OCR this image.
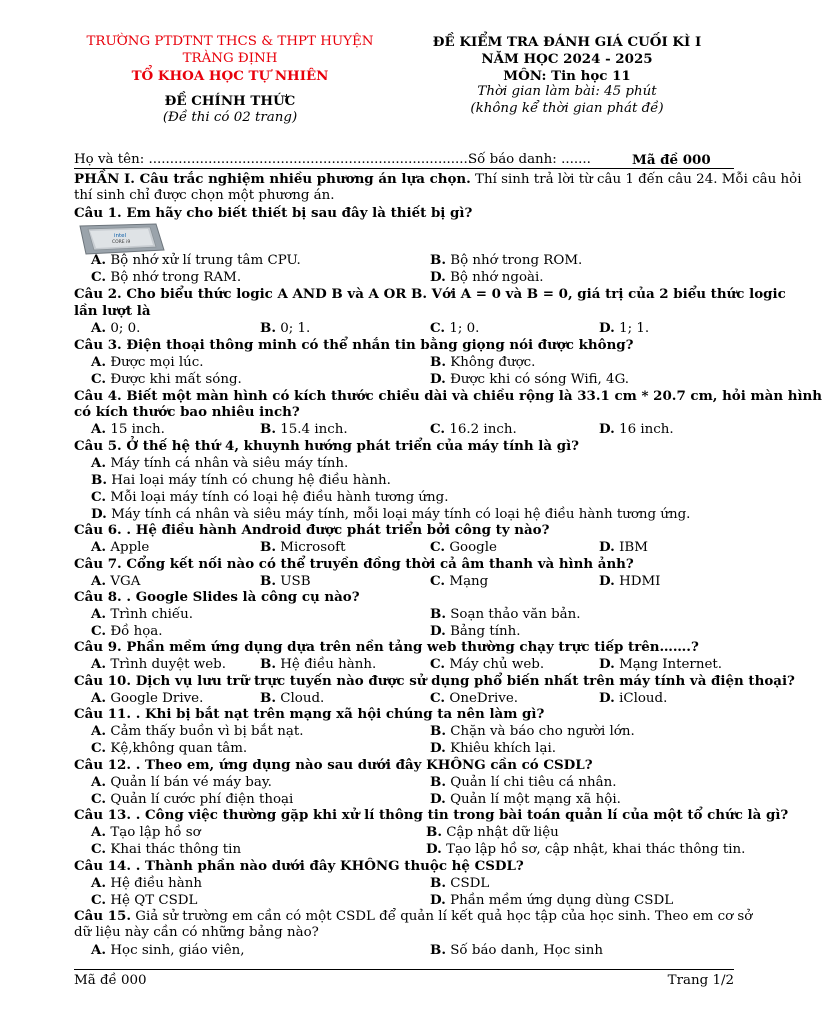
TRƯỜNG PTDTNT THCS & THPT HUYỆN
TRÀNG ĐỊNH
TỔ KHOA HỌC TỰ NHIÊN
ĐỀ CHÍNH THỨC
(Đề thi có 02 trang)
ĐỀ KIỂM TRA ĐÁNH GIÁ CUỐI KÌ I
NĂM HỌC 2024 - 2025
MÔN: Tin học 11
Thời gian làm bài: 45 phút
(không kể thời gian phát đề)
Họ và tên: ............................................................................
Số báo danh: .......	Mã đề 000
PHẦN I. Câu trắc nghiệm nhiều phương án lựa chọn. Thí sinh trả lời từ câu 1 đến câu 24. Mỗi câu hỏi
thí sinh chỉ được chọn một phương án.
Câu 1. Em hãy cho biết thiết bị sau đây là thiết bị gì?
intel
CORE i9
A. Bộ nhớ xử lí trung tâm CPU.	B. Bộ nhớ trong ROM.
C. Bộ nhớ trong RAM.	D. Bộ nhớ ngoài.
Câu 2. Cho biểu thức logic A AND B và A OR B. Với A = 0 và B = 0, giá trị của 2 biểu thức logic
lần lượt là
A. 0; 0.	B. 0; 1.	C. 1; 0.	D. 1; 1.
Câu 3. Điện thoại thông minh có thể nhắn tin bằng giọng nói được không?
A. Được mọi lúc.	B. Không được.
C. Được khi mất sóng.	D. Được khi có sóng Wifi, 4G.
Câu 4. Biết một màn hình có kích thước chiều dài và chiều rộng là 33.1 cm * 20.7 cm, hỏi màn hình
có kích thước bao nhiêu inch?
A. 15 inch.	B. 15.4 inch.	C. 16.2 inch.	D. 16 inch.
Câu 5. Ở thế hệ thứ 4, khuynh hướng phát triển của máy tính là gì?
A. Máy tính cá nhân và siêu máy tính.
B. Hai loại máy tính có chung hệ điều hành.
C. Mỗi loại máy tính có loại hệ điều hành tương ứng.
D. Máy tính cá nhân và siêu máy tính, mỗi loại máy tính có loại hệ điều hành tương ứng.
Câu 6. . Hệ điều hành Android được phát triển bởi công ty nào?
A. Apple	B. Microsoft	C. Google	D. IBM
Câu 7. Cổng kết nối nào có thể truyền đồng thời cả âm thanh và hình ảnh?
A. VGA	B. USB	C. Mạng	D. HDMI
Câu 8. . Google Slides là công cụ nào?
A. Trình chiếu.	B. Soạn thảo văn bản.
C. Đồ họa.	D. Bảng tính.
Câu 9. Phần mềm ứng dụng dựa trên nền tảng web thường chạy trực tiếp trên…….?
A. Trình duyệt web.	B. Hệ điều hành.	C. Máy chủ web.	D. Mạng Internet.
Câu 10. Dịch vụ lưu trữ trực tuyến nào được sử dụng phổ biến nhất trên máy tính và điện thoại?
A. Google Drive.	B. Cloud.	C. OneDrive.	D. iCloud.
Câu 11. . Khi bị bắt nạt trên mạng xã hội chúng ta nên làm gì?
A. Cảm thấy buồn vì bị bắt nạt.	B. Chặn và báo cho người lớn.
C. Kệ,không quan tâm.	D. Khiêu khích lại.
Câu 12. . Theo em, ứng dụng nào sau dưới đây KHÔNG cần có CSDL?
A. Quản lí bán vé máy bay.	B. Quản lí chi tiêu cá nhân.
C. Quản lí cước phí điện thoại	D. Quản lí một mạng xã hội.
Câu 13. . Công việc thường gặp khi xử lí thông tin trong bài toán quản lí của một tổ chức là gì?
A. Tạo lập hồ sơ	B. Cập nhật dữ liệu
C. Khai thác thông tin	D. Tạo lập hồ sơ, cập nhật, khai thác thông tin.
Câu 14. . Thành phần nào dưới đây KHÔNG thuộc hệ CSDL?
A. Hệ điều hành	B. CSDL
C. Hệ QT CSDL	D. Phần mềm ứng dụng dùng CSDL
Câu 15. Giả sử trường em cần có một CSDL để quản lí kết quả học tập của học sinh. Theo em cơ sở
dữ liệu này cần có những bảng nào?
A. Học sinh, giáo viên,	B. Số báo danh, Học sinh
Mã đề 000	Trang 1/2
